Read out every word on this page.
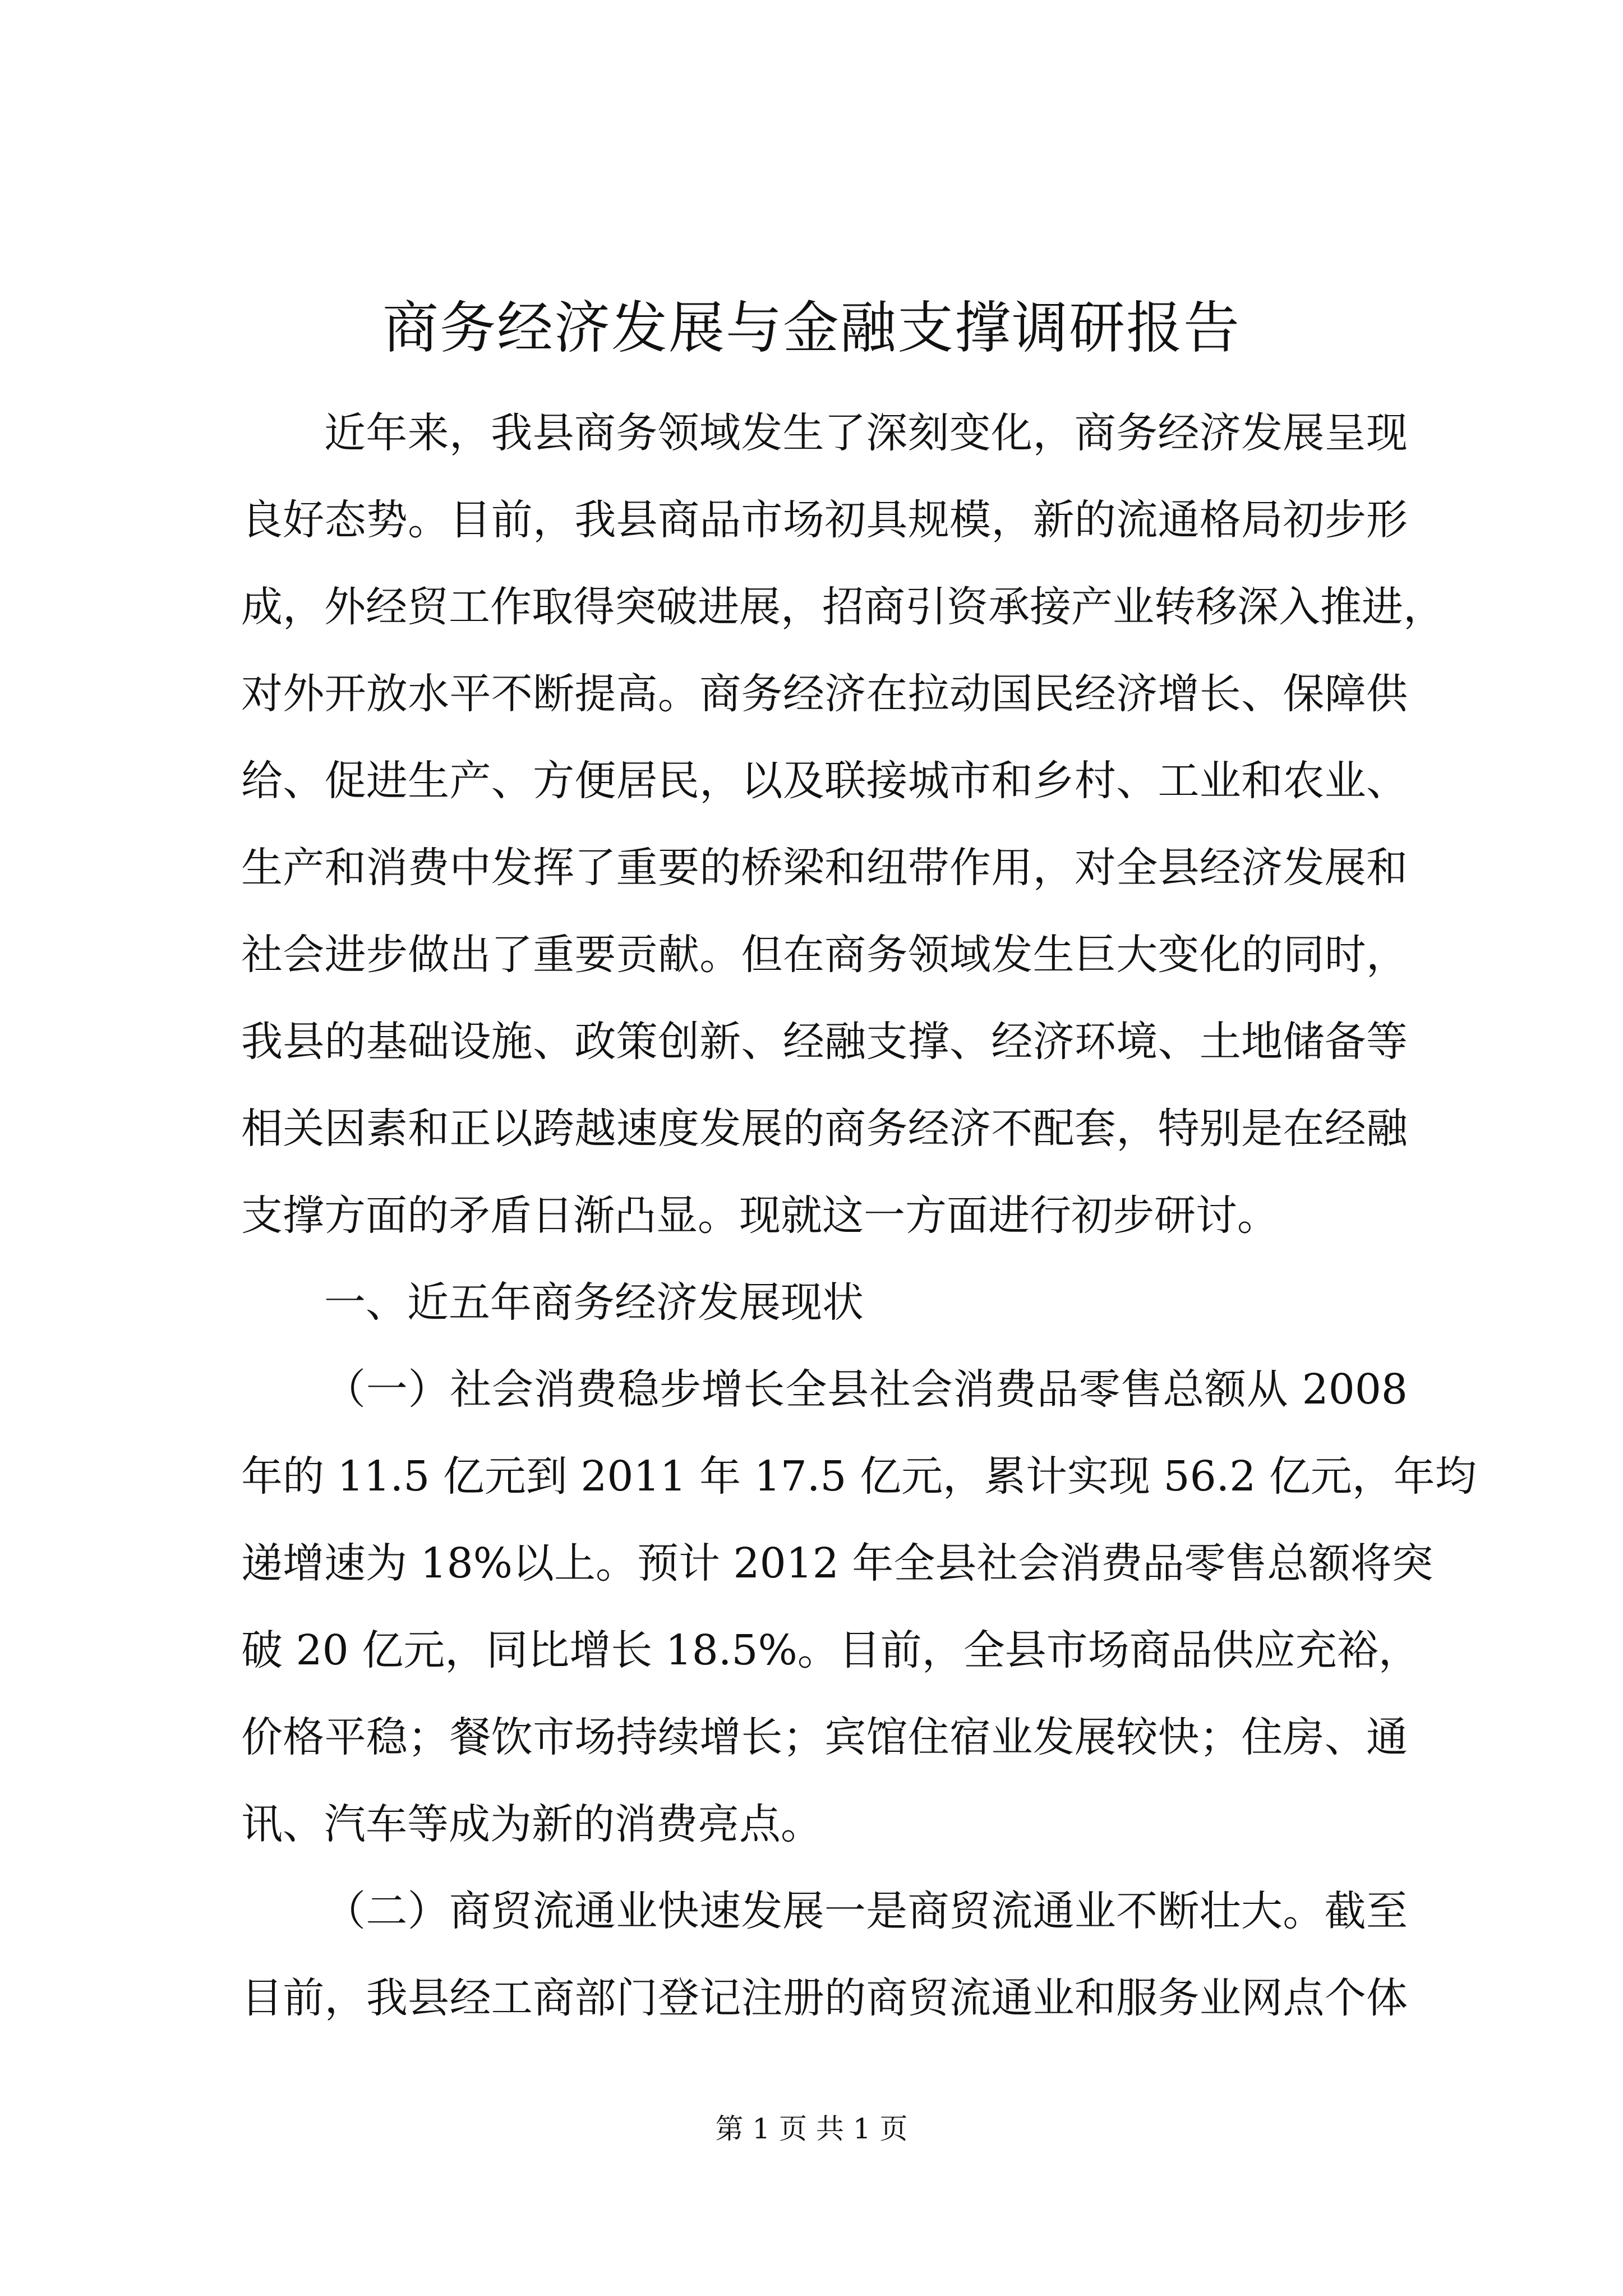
商务经济发展与金融支撑调研报告
近年来，我县商务领域发生了深刻变化，商务经济发展呈现
良好态势。目前，我县商品市场初具规模，新的流通格局初步形
成，外经贸工作取得突破进展，招商引资承接产业转移深入推进，
对外开放水平不断提高。商务经济在拉动国民经济增长、保障供
给、促进生产、方便居民，以及联接城市和乡村、工业和农业、
生产和消费中发挥了重要的桥梁和纽带作用，对全县经济发展和
社会进步做出了重要贡献。但在商务领域发生巨大变化的同时，
我县的基础设施、政策创新、经融支撑、经济环境、土地储备等
相关因素和正以跨越速度发展的商务经济不配套，特别是在经融
支撑方面的矛盾日渐凸显。现就这一方面进行初步研讨。
一、近五年商务经济发展现状
（一）社会消费稳步增长全县社会消费品零售总额从 2008
年的 11.5 亿元到 2011 年 17.5 亿元，累计实现 56.2 亿元，年均
递增速为 18%以上。预计 2012 年全县社会消费品零售总额将突
破 20 亿元，同比增长 18.5%。目前，全县市场商品供应充裕，
价格平稳；餐饮市场持续增长；宾馆住宿业发展较快；住房、通
讯、汽车等成为新的消费亮点。
（二）商贸流通业快速发展一是商贸流通业不断壮大。截至
目前，我县经工商部门登记注册的商贸流通业和服务业网点个体
第 1 页 共 1 页
